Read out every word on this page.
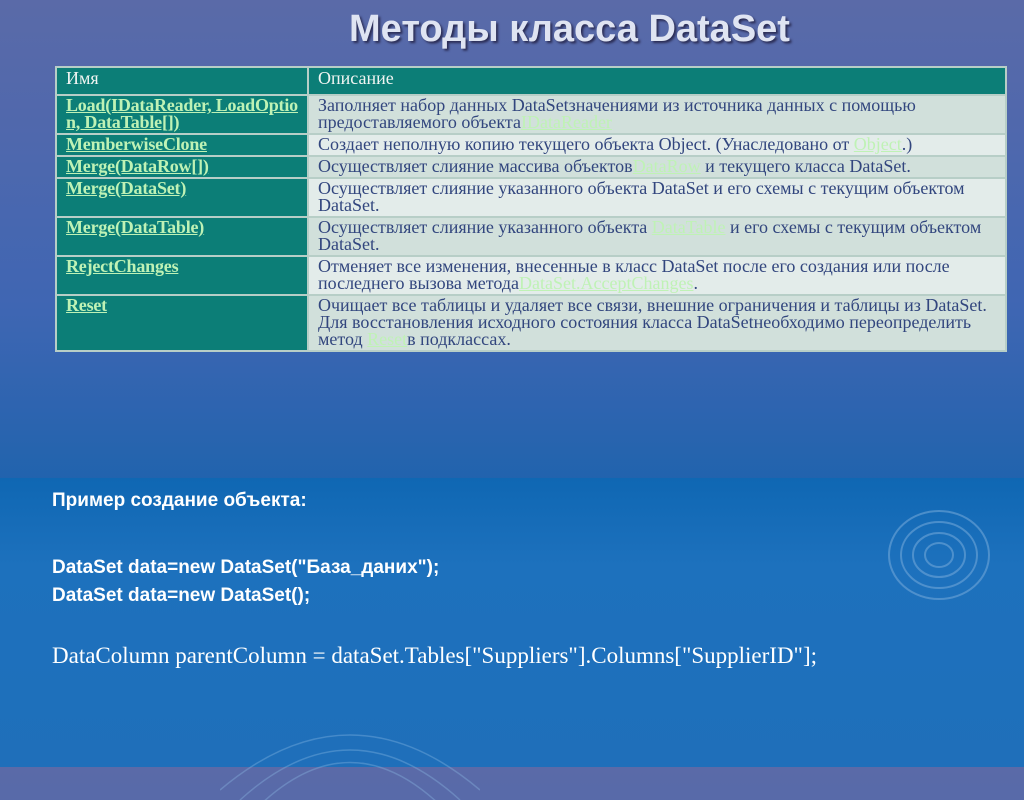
Методы класса DataSet
Имя	Описание
Load(IDataReader, LoadOption, DataTable[])	Заполняет набор данных DataSetзначениями из источника данных с помощью предоставляемого объектаIDataReader
MemberwiseClone	Создает неполную копию текущего объекта Object. (Унаследовано от Object.)
Merge(DataRow[])	Осуществляет слияние массива объектовDataRow и текущего класса DataSet.
Merge(DataSet)	Осуществляет слияние указанного объекта DataSet и его схемы с текущим объектом DataSet.
Merge(DataTable)	Осуществляет слияние указанного объекта DataTable и его схемы с текущим объектом DataSet.
RejectChanges	Отменяет все изменения, внесенные в класс DataSet после его создания или после последнего вызова методаDataSet.AcceptChanges.
Reset	Очищает все таблицы и удаляет все связи, внешние ограничения и таблицы из DataSet. Для восстановления исходного состояния класса DataSetнеобходимо переопределить метод Resetв подклассах.
Пример создание объекта:
DataSet data=new DataSet("База_даних");
DataSet data=new DataSet();
DataColumn parentColumn = dataSet.Tables["Suppliers"].Columns["SupplierID"];
